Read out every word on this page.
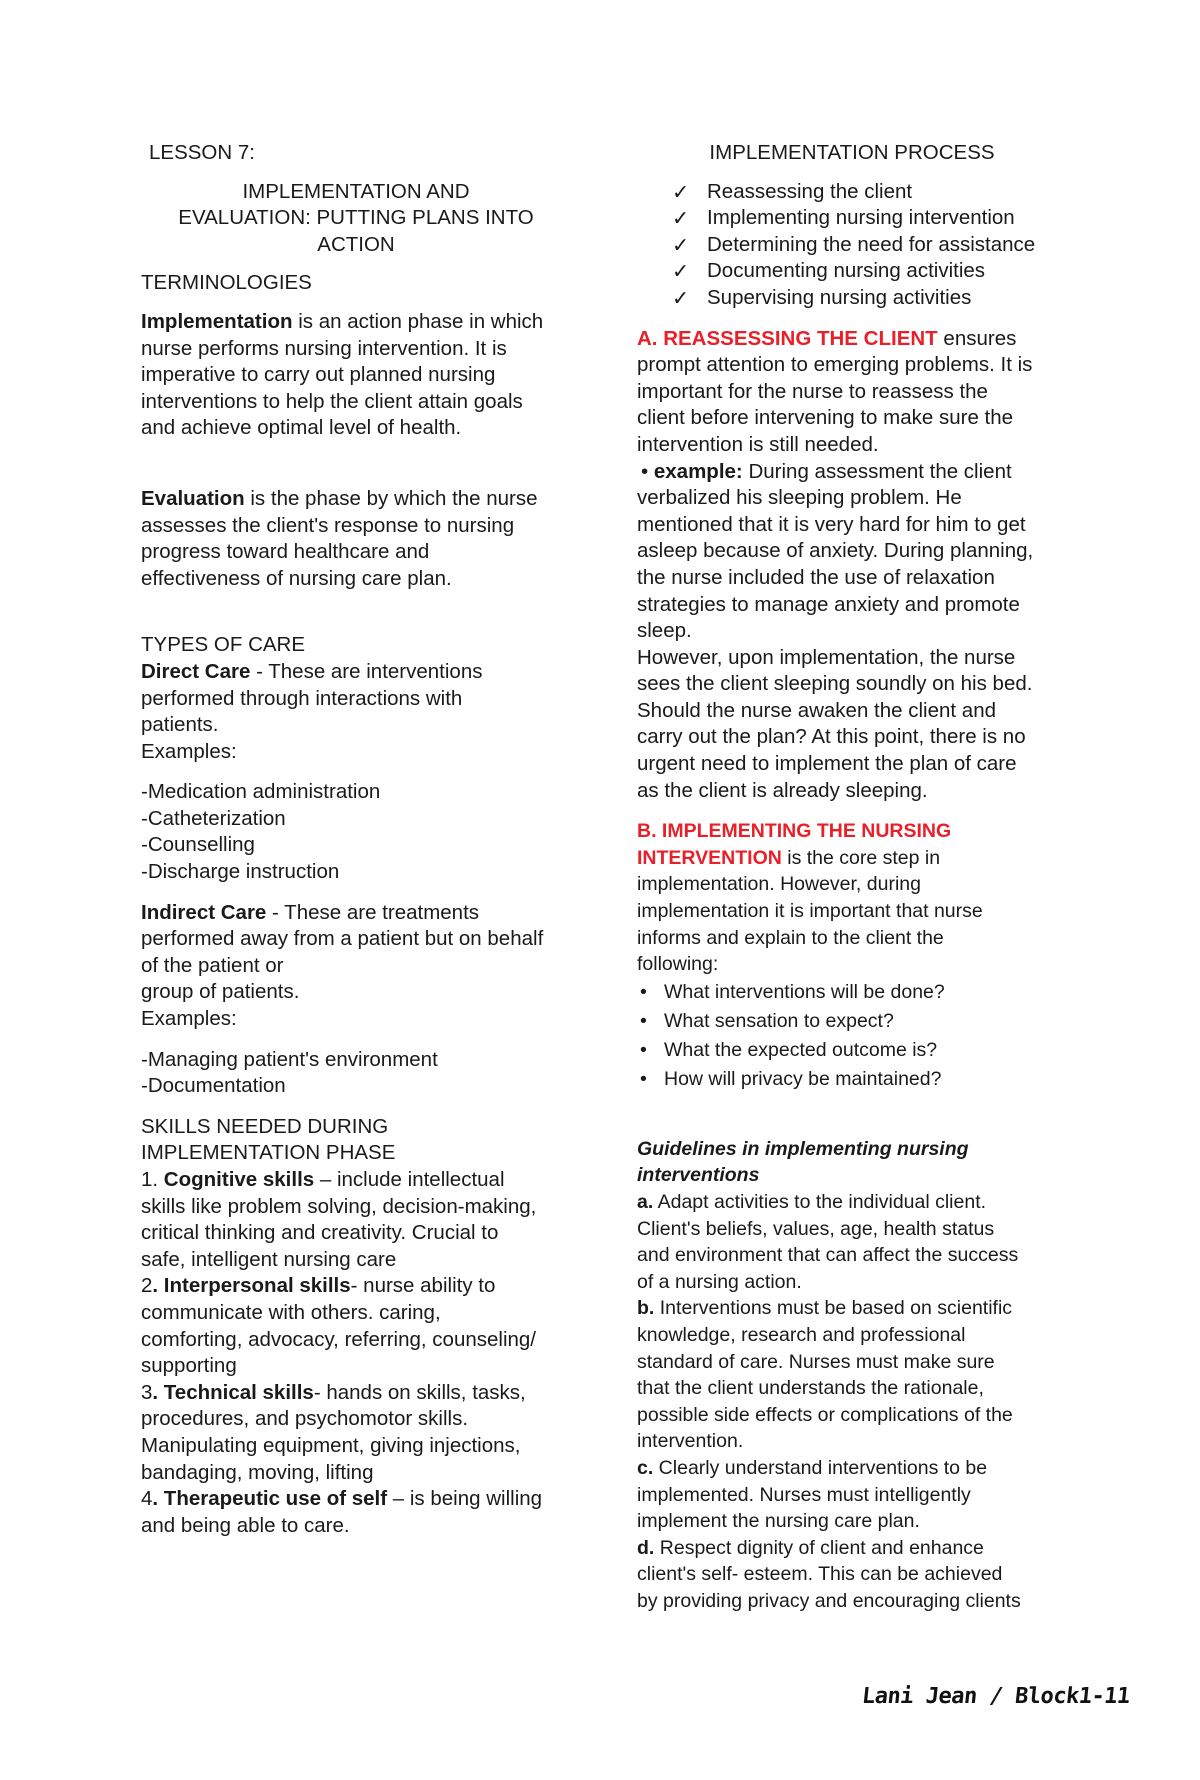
LESSON 7:

IMPLEMENTATION AND

EVALUATION: PUTTING PLANS INTO

ACTION

TERMINOLOGIES

Implementation is an action phase in which

nurse performs nursing intervention. It is

imperative to carry out planned nursing

interventions to help the client attain goals

and achieve optimal level of health.

Evaluation is the phase by which the nurse

assesses the client's response to nursing

progress toward healthcare and

effectiveness of nursing care plan.

TYPES OF CARE

Direct Care - These are interventions

performed through interactions with

patients.

Examples:

-Medication administration

-Catheterization

-Counselling

-Discharge instruction

Indirect Care - These are treatments

performed away from a patient but on behalf

of the patient or

group of patients.

Examples:

-Managing patient's environment

-Documentation

SKILLS NEEDED DURING

IMPLEMENTATION PHASE

1. Cognitive skills – include intellectual

skills like problem solving, decision-making,

critical thinking and creativity. Crucial to

safe, intelligent nursing care

2. Interpersonal skills- nurse ability to

communicate with others. caring,

comforting, advocacy, referring, counseling/

supporting

3. Technical skills- hands on skills, tasks,

procedures, and psychomotor skills.

Manipulating equipment, giving injections,

bandaging, moving, lifting

4. Therapeutic use of self – is being willing

and being able to care.

IMPLEMENTATION PROCESS

✓ Reassessing the client
✓ Implementing nursing intervention
✓ Determining the need for assistance
✓ Documenting nursing activities
✓ Supervising nursing activities

A. REASSESSING THE CLIENT ensures

prompt attention to emerging problems. It is

important for the nurse to reassess the

client before intervening to make sure the

intervention is still needed.

• example: During assessment the client

verbalized his sleeping problem. He

mentioned that it is very hard for him to get

asleep because of anxiety. During planning,

the nurse included the use of relaxation

strategies to manage anxiety and promote

sleep.

However, upon implementation, the nurse

sees the client sleeping soundly on his bed.

Should the nurse awaken the client and

carry out the plan? At this point, there is no

urgent need to implement the plan of care

as the client is already sleeping.

B. IMPLEMENTING THE NURSING

INTERVENTION is the core step in

implementation. However, during

implementation it is important that nurse

informs and explain to the client the

following:

• What interventions will be done?
• What sensation to expect?
• What the expected outcome is?
• How will privacy be maintained?

Guidelines in implementing nursing

interventions

a. Adapt activities to the individual client.

Client's beliefs, values, age, health status

and environment that can affect the success

of a nursing action.

b. Interventions must be based on scientific

knowledge, research and professional

standard of care. Nurses must make sure

that the client understands the rationale,

possible side effects or complications of the

intervention.

c. Clearly understand interventions to be

implemented. Nurses must intelligently

implement the nursing care plan.

d. Respect dignity of client and enhance

client's self- esteem. This can be achieved

by providing privacy and encouraging clients

Lani Jean / Block1-11
